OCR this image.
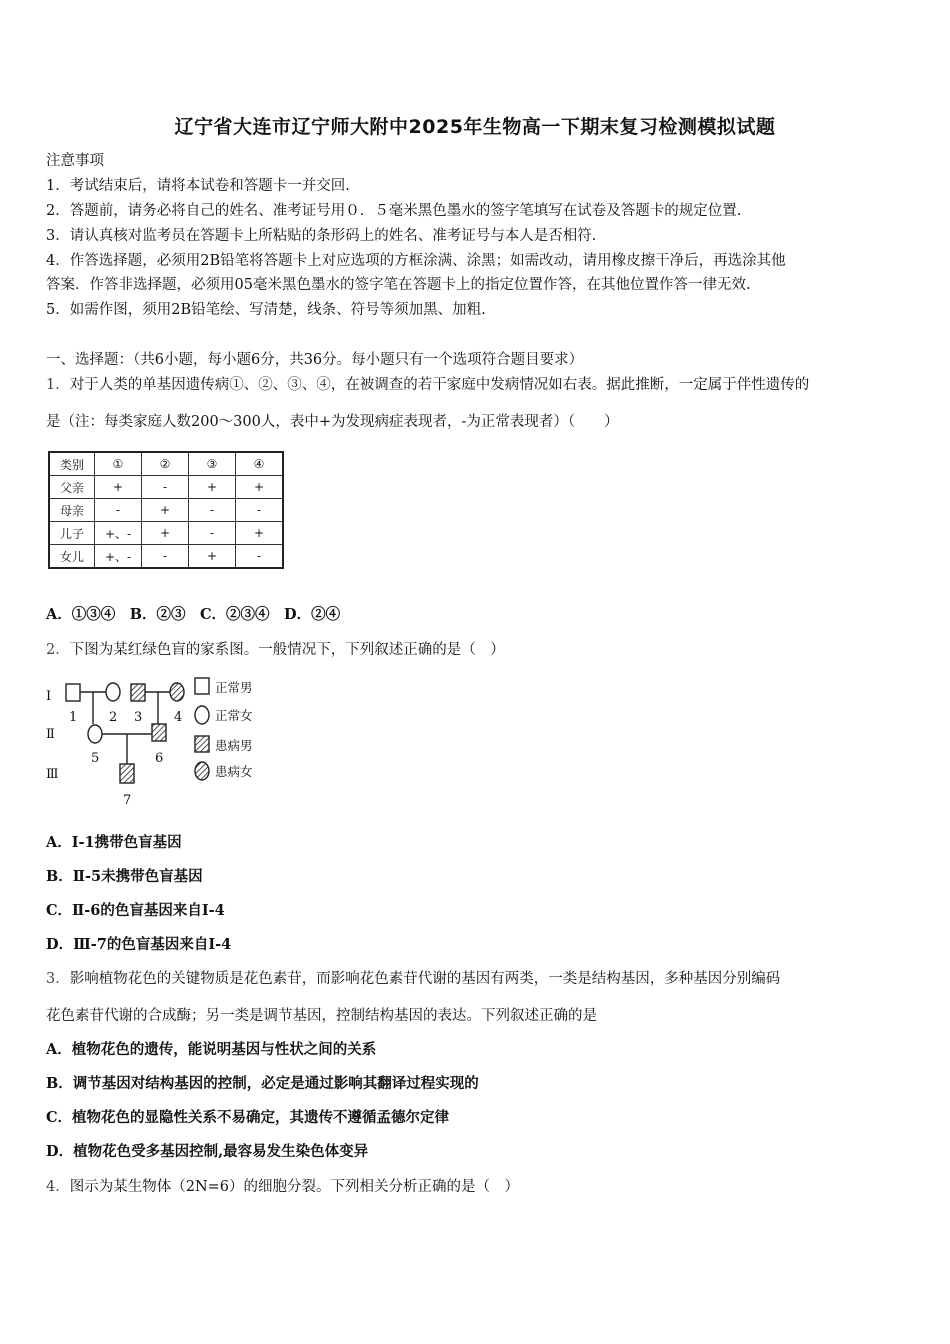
辽宁省大连市辽宁师大附中2025年生物高一下期末复习检测模拟试题
注意事项
1．考试结束后，请将本试卷和答题卡一并交回.
2．答题前，请务必将自己的姓名、准考证号用０．５毫米黑色墨水的签字笔填写在试卷及答题卡的规定位置.
3．请认真核对监考员在答题卡上所粘贴的条形码上的姓名、准考证号与本人是否相符.
4．作答选择题，必须用2B铅笔将答题卡上对应选项的方框涂满、涂黑；如需改动，请用橡皮擦干净后，再选涂其他
答案．作答非选择题，必须用05毫米黑色墨水的签字笔在答题卡上的指定位置作答，在其他位置作答一律无效.
5．如需作图，须用2B铅笔绘、写清楚，线条、符号等须加黑、加粗.
一、选择题：（共6小题，每小题6分，共36分。每小题只有一个选项符合题目要求）
1．对于人类的单基因遗传病①、②、③、④，在被调查的若干家庭中发病情况如右表。据此推断，一定属于伴性遗传的
是（注：每类家庭人数200～300人，表中+为发现病症表现者，-为正常表现者）（　　）
类别	①	②	③	④
父亲	+	-	+	+
母亲	-	+	-	-
儿子	+、-	+	-	+
女儿	+、-	-	+	-
A．①③④　B．②③　C．②③④　D．②④
2．下图为某红绿色盲的家系图。一般情况下，下列叙述正确的是（　）
Ⅰ
Ⅱ
Ⅲ
1 2 3 4
5	6
7
正常男
正常女
患病男
患病女
A．Ⅰ-1携带色盲基因
B．Ⅱ-5未携带色盲基因
C．Ⅱ-6的色盲基因来自Ⅰ-4
D．Ⅲ-7的色盲基因来自Ⅰ-4
3．影响植物花色的关键物质是花色素苷，而影响花色素苷代谢的基因有两类，一类是结构基因，多种基因分别编码
花色素苷代谢的合成酶；另一类是调节基因，控制结构基因的表达。下列叙述正确的是
A．植物花色的遗传，能说明基因与性状之间的关系
B．调节基因对结构基因的控制，必定是通过影响其翻译过程实现的
C．植物花色的显隐性关系不易确定，其遗传不遵循孟德尔定律
D．植物花色受多基因控制,最容易发生染色体变异
4．图示为某生物体（2N=6）的细胞分裂。下列相关分析正确的是（　）
